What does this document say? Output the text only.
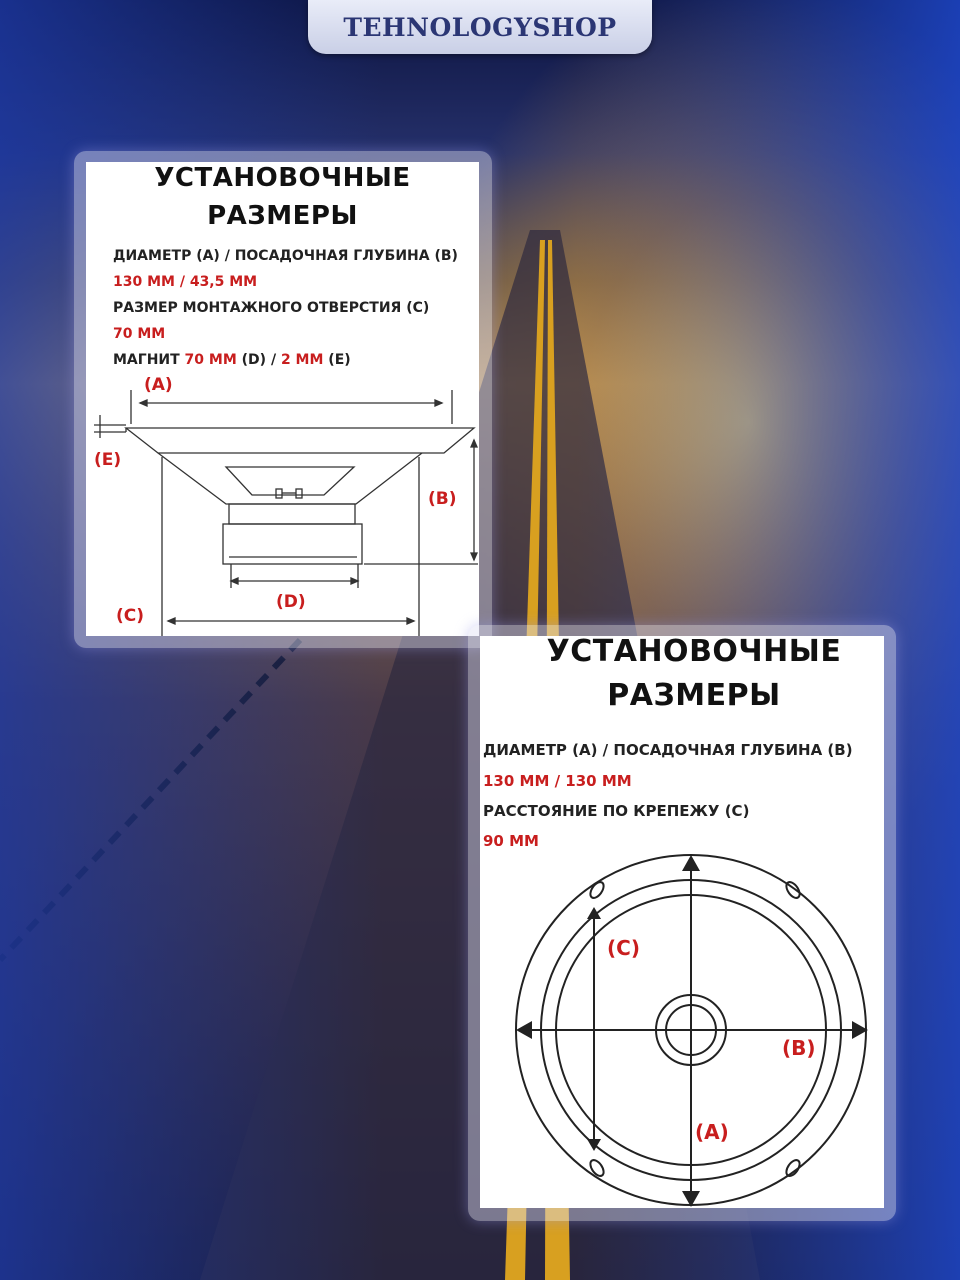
TEHNOLOGYSHOP
УСТАНОВОЧНЫЕ
РАЗМЕРЫ
ДИАМЕТР (А) / ПОСАДОЧНАЯ ГЛУБИНА (В)
130 ММ / 43,5 ММ
РАЗМЕР МОНТАЖНОГО ОТВЕРСТИЯ (С)
70 ММ
МАГНИТ 70 ММ (D) / 2 ММ (Е)
(A)
(E)
(B)
(D)
(C)
УСТАНОВОЧНЫЕ
РАЗМЕРЫ
ДИАМЕТР (А) / ПОСАДОЧНАЯ ГЛУБИНА (В)
130 ММ / 130 ММ
РАССТОЯНИЕ ПО КРЕПЕЖУ (С)
90 ММ
(C)
(B)
(A)
